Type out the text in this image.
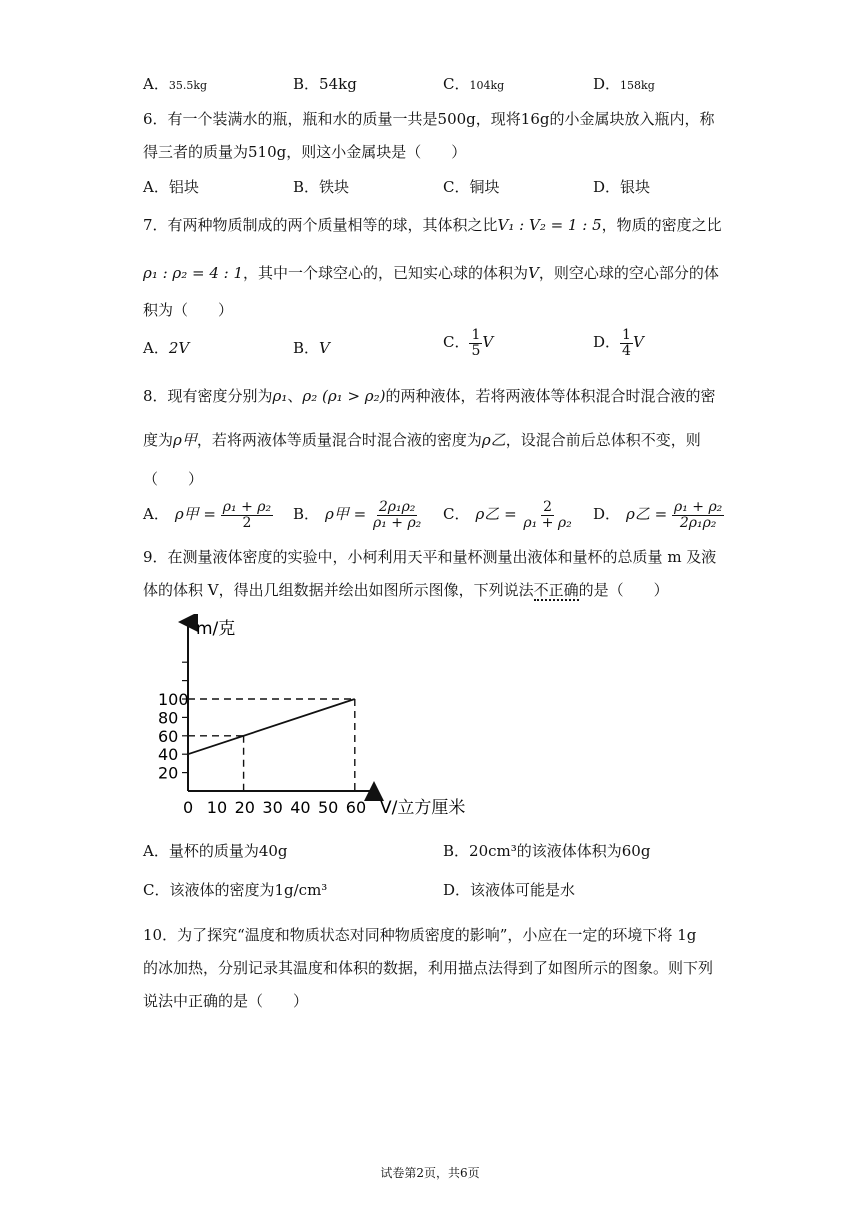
A．35.5kg	B．54kg	C．104kg	D．158kg
6．有一个装满水的瓶，瓶和水的质量一共是500g，现将16g的小金属块放入瓶内，称
得三者的质量为510g，则这小金属块是（　　）
A．铝块	B．铁块	C．铜块	D．银块
7．有两种物质制成的两个质量相等的球，其体积之比V₁ : V₂ = 1 : 5，物质的密度之比
ρ₁ : ρ₂ = 4 : 1，其中一个球空心的，已知实心球的体积为V，则空心球的空心部分的体
积为（　　）
A．2V	B．V	C． $\frac{1}{5}$ V	D． $\frac{1}{4}$ V
8．现有密度分别为ρ₁、ρ₂ (ρ₁ > ρ₂)的两种液体，若将两液体等体积混合时混合液的密
度为ρ甲，若将两液体等质量混合时混合液的密度为ρ乙，设混合前后总体积不变，则
（　　）
A． ρ甲 = $\frac{\text{ρ₁ + ρ₂}}{2}$ B． ρ甲 = $\frac{\text{2ρ₁ρ₂}}{\text{ρ₁ + ρ₂}}$ C． ρ乙 = $\frac{2}{\text{ρ₁ + ρ₂}}$ D． ρ乙 = $\frac{\text{ρ₁ + ρ₂}}{\text{2ρ₁ρ₂}}$
9．在测量液体密度的实验中，小柯利用天平和量杯测量出液体和量杯的总质量 m 及液
体的体积 V，得出几组数据并绘出如图所示图像，下列说法不正确的是（　　）
20
40
60
80
100
0 10 20 30 40 50 60
m/克
V/立方厘米
A．量杯的质量为40g	B．20cm³的该液体体积为60g
C．该液体的密度为1g/cm³	D．该液体可能是水
10．为了探究“温度和物质状态对同种物质密度的影响”，小应在一定的环境下将 1g
的冰加热，分别记录其温度和体积的数据，利用描点法得到了如图所示的图象。则下列
说法中正确的是（　　）
试卷第2页，共6页
